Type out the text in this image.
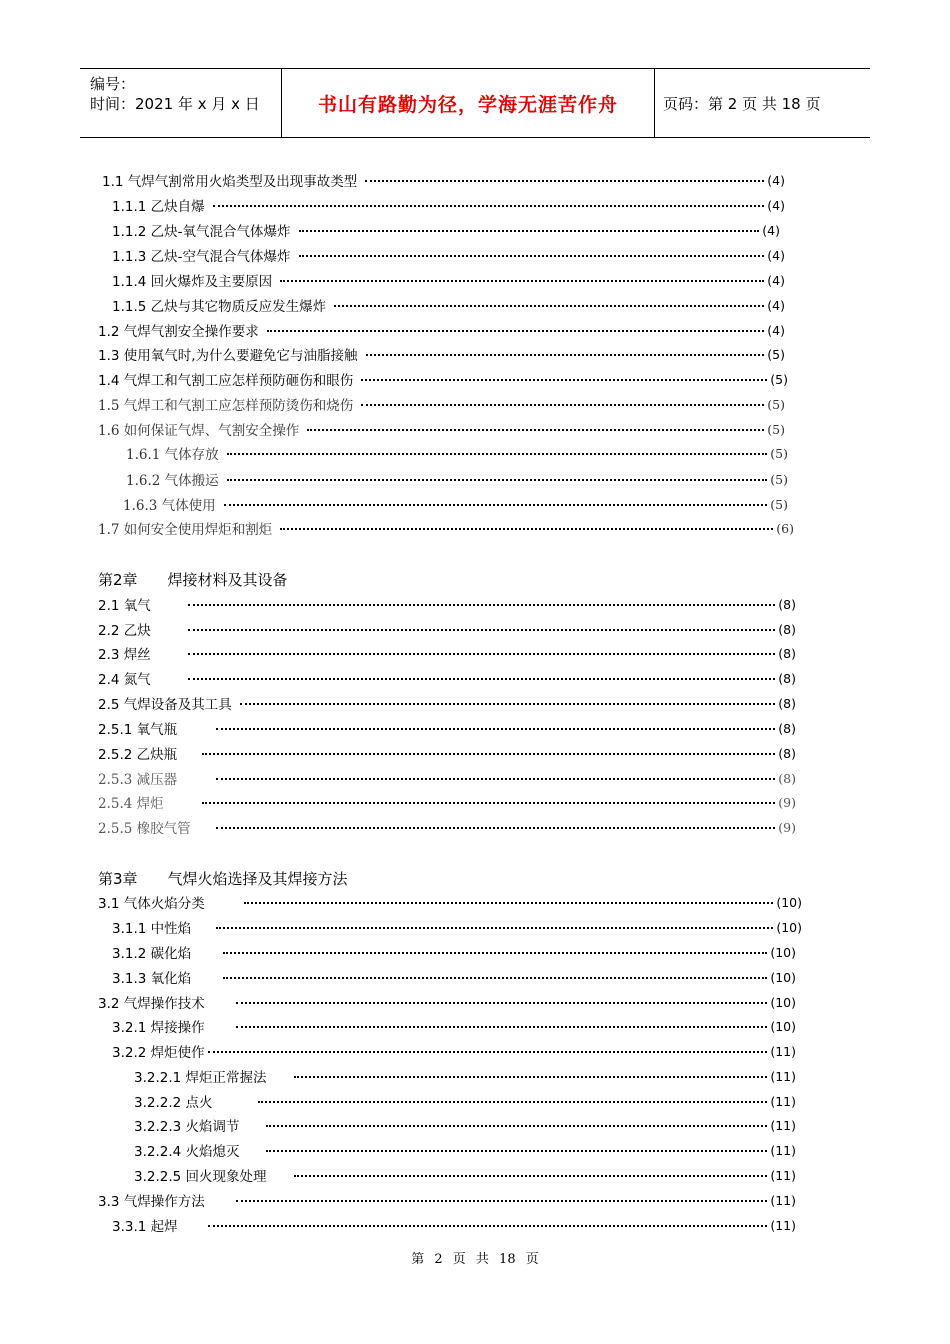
编号：
时间：2021 年 x 月 x 日	书山有路勤为径，学海无涯苦作舟	页码：第 2 页 共 18 页
1.1 气焊气割常用火焰类型及出现事故类型	(4)
1.1.1 乙炔自爆	(4)
1.1.2 乙炔-氧气混合气体爆炸	(4)
1.1.3 乙炔-空气混合气体爆炸	(4)
1.1.4 回火爆炸及主要原因	(4)
1.1.5 乙炔与其它物质反应发生爆炸	(4)
1.2 气焊气割安全操作要求	(4)
1.3 使用氧气时,为什么要避免它与油脂接触	(5)
1.4 气焊工和气割工应怎样预防砸伤和眼伤	(5)
1.5 气焊工和气割工应怎样预防烫伤和烧伤	(5)
1.6 如何保证气焊、气割安全操作	(5)
1.6.1 气体存放	(5)
1.6.2 气体搬运	(5)
1.6.3 气体使用	(5)
1.7 如何安全使用焊炬和割炬	(6)
第2章　　焊接材料及其设备
2.1 氧气	(8)
2.2 乙炔	(8)
2.3 焊丝	(8)
2.4 氮气	(8)
2.5 气焊设备及其工具	(8)
2.5.1 氧气瓶	(8)
2.5.2 乙炔瓶	(8)
2.5.3 减压器	(8)
2.5.4 焊炬	(9)
2.5.5 橡胶气管	(9)
第3章　　气焊火焰选择及其焊接方法
3.1 气体火焰分类	(10)
3.1.1 中性焰	(10)
3.1.2 碳化焰	(10)
3.1.3 氧化焰	(10)
3.2 气焊操作技术	(10)
3.2.1 焊接操作	(10)
3.2.2 焊炬使作	(11)
3.2.2.1 焊炬正常握法	(11)
3.2.2.2 点火	(11)
3.2.2.3 火焰调节	(11)
3.2.2.4 火焰熄灭	(11)
3.2.2.5 回火现象处理	(11)
3.3 气焊操作方法	(11)
3.3.1 起焊	(11)
第 2 页 共 18 页
